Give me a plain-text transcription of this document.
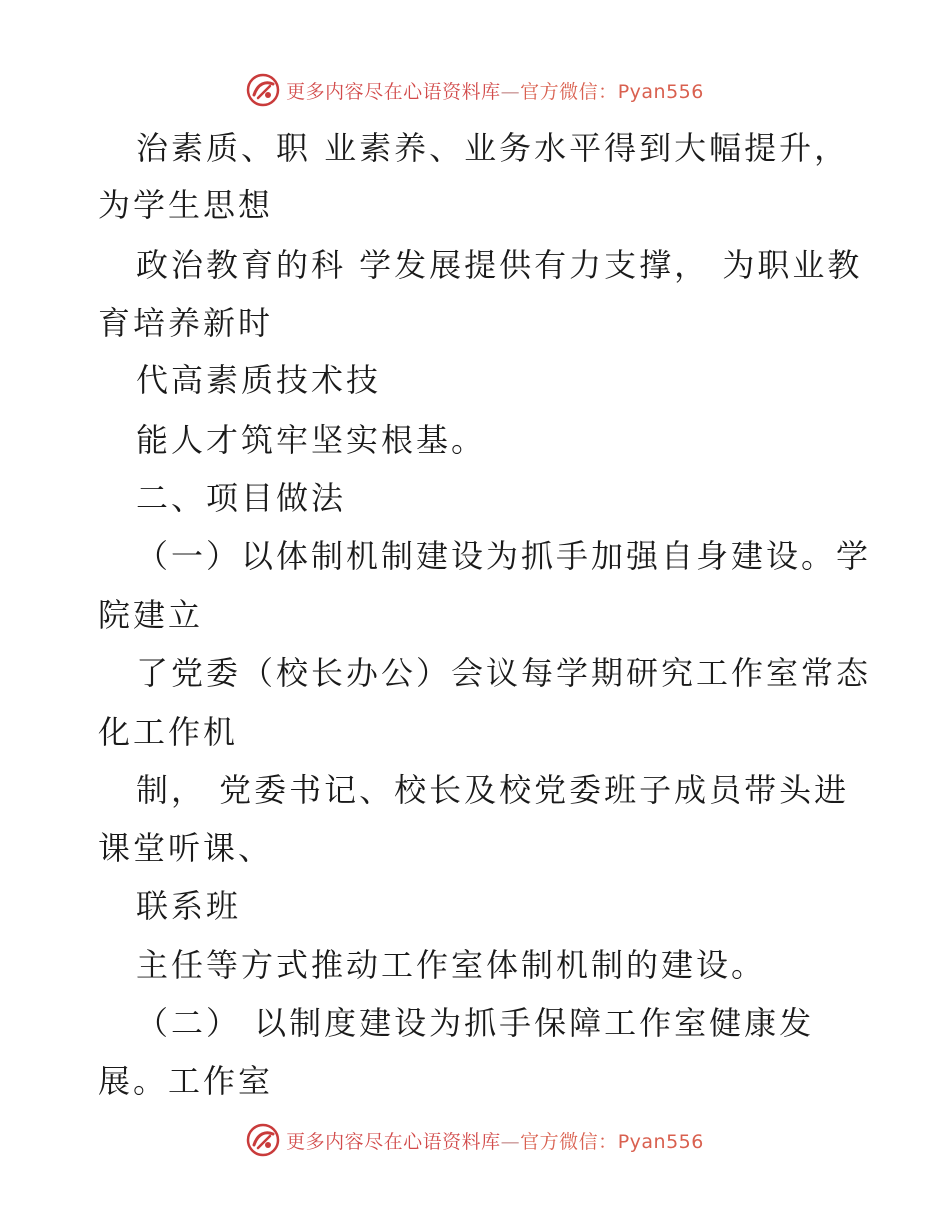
更多内容尽在心语资料库—官方微信：Pyan556
治素质、职 业素养、业务水平得到大幅提升，
为学生思想
政治教育的科 学发展提供有力支撑， 为职业教
育培养新时
代高素质技术技
能人才筑牢坚实根基。
二、项目做法
（一）以体制机制建设为抓手加强自身建设。学
院建立
了党委（校长办公）会议每学期研究工作室常态
化工作机
制， 党委书记、校长及校党委班子成员带头进
课堂听课、
联系班
主任等方式推动工作室体制机制的建设。
（二） 以制度建设为抓手保障工作室健康发
展。工作室
更多内容尽在心语资料库—官方微信：Pyan556
